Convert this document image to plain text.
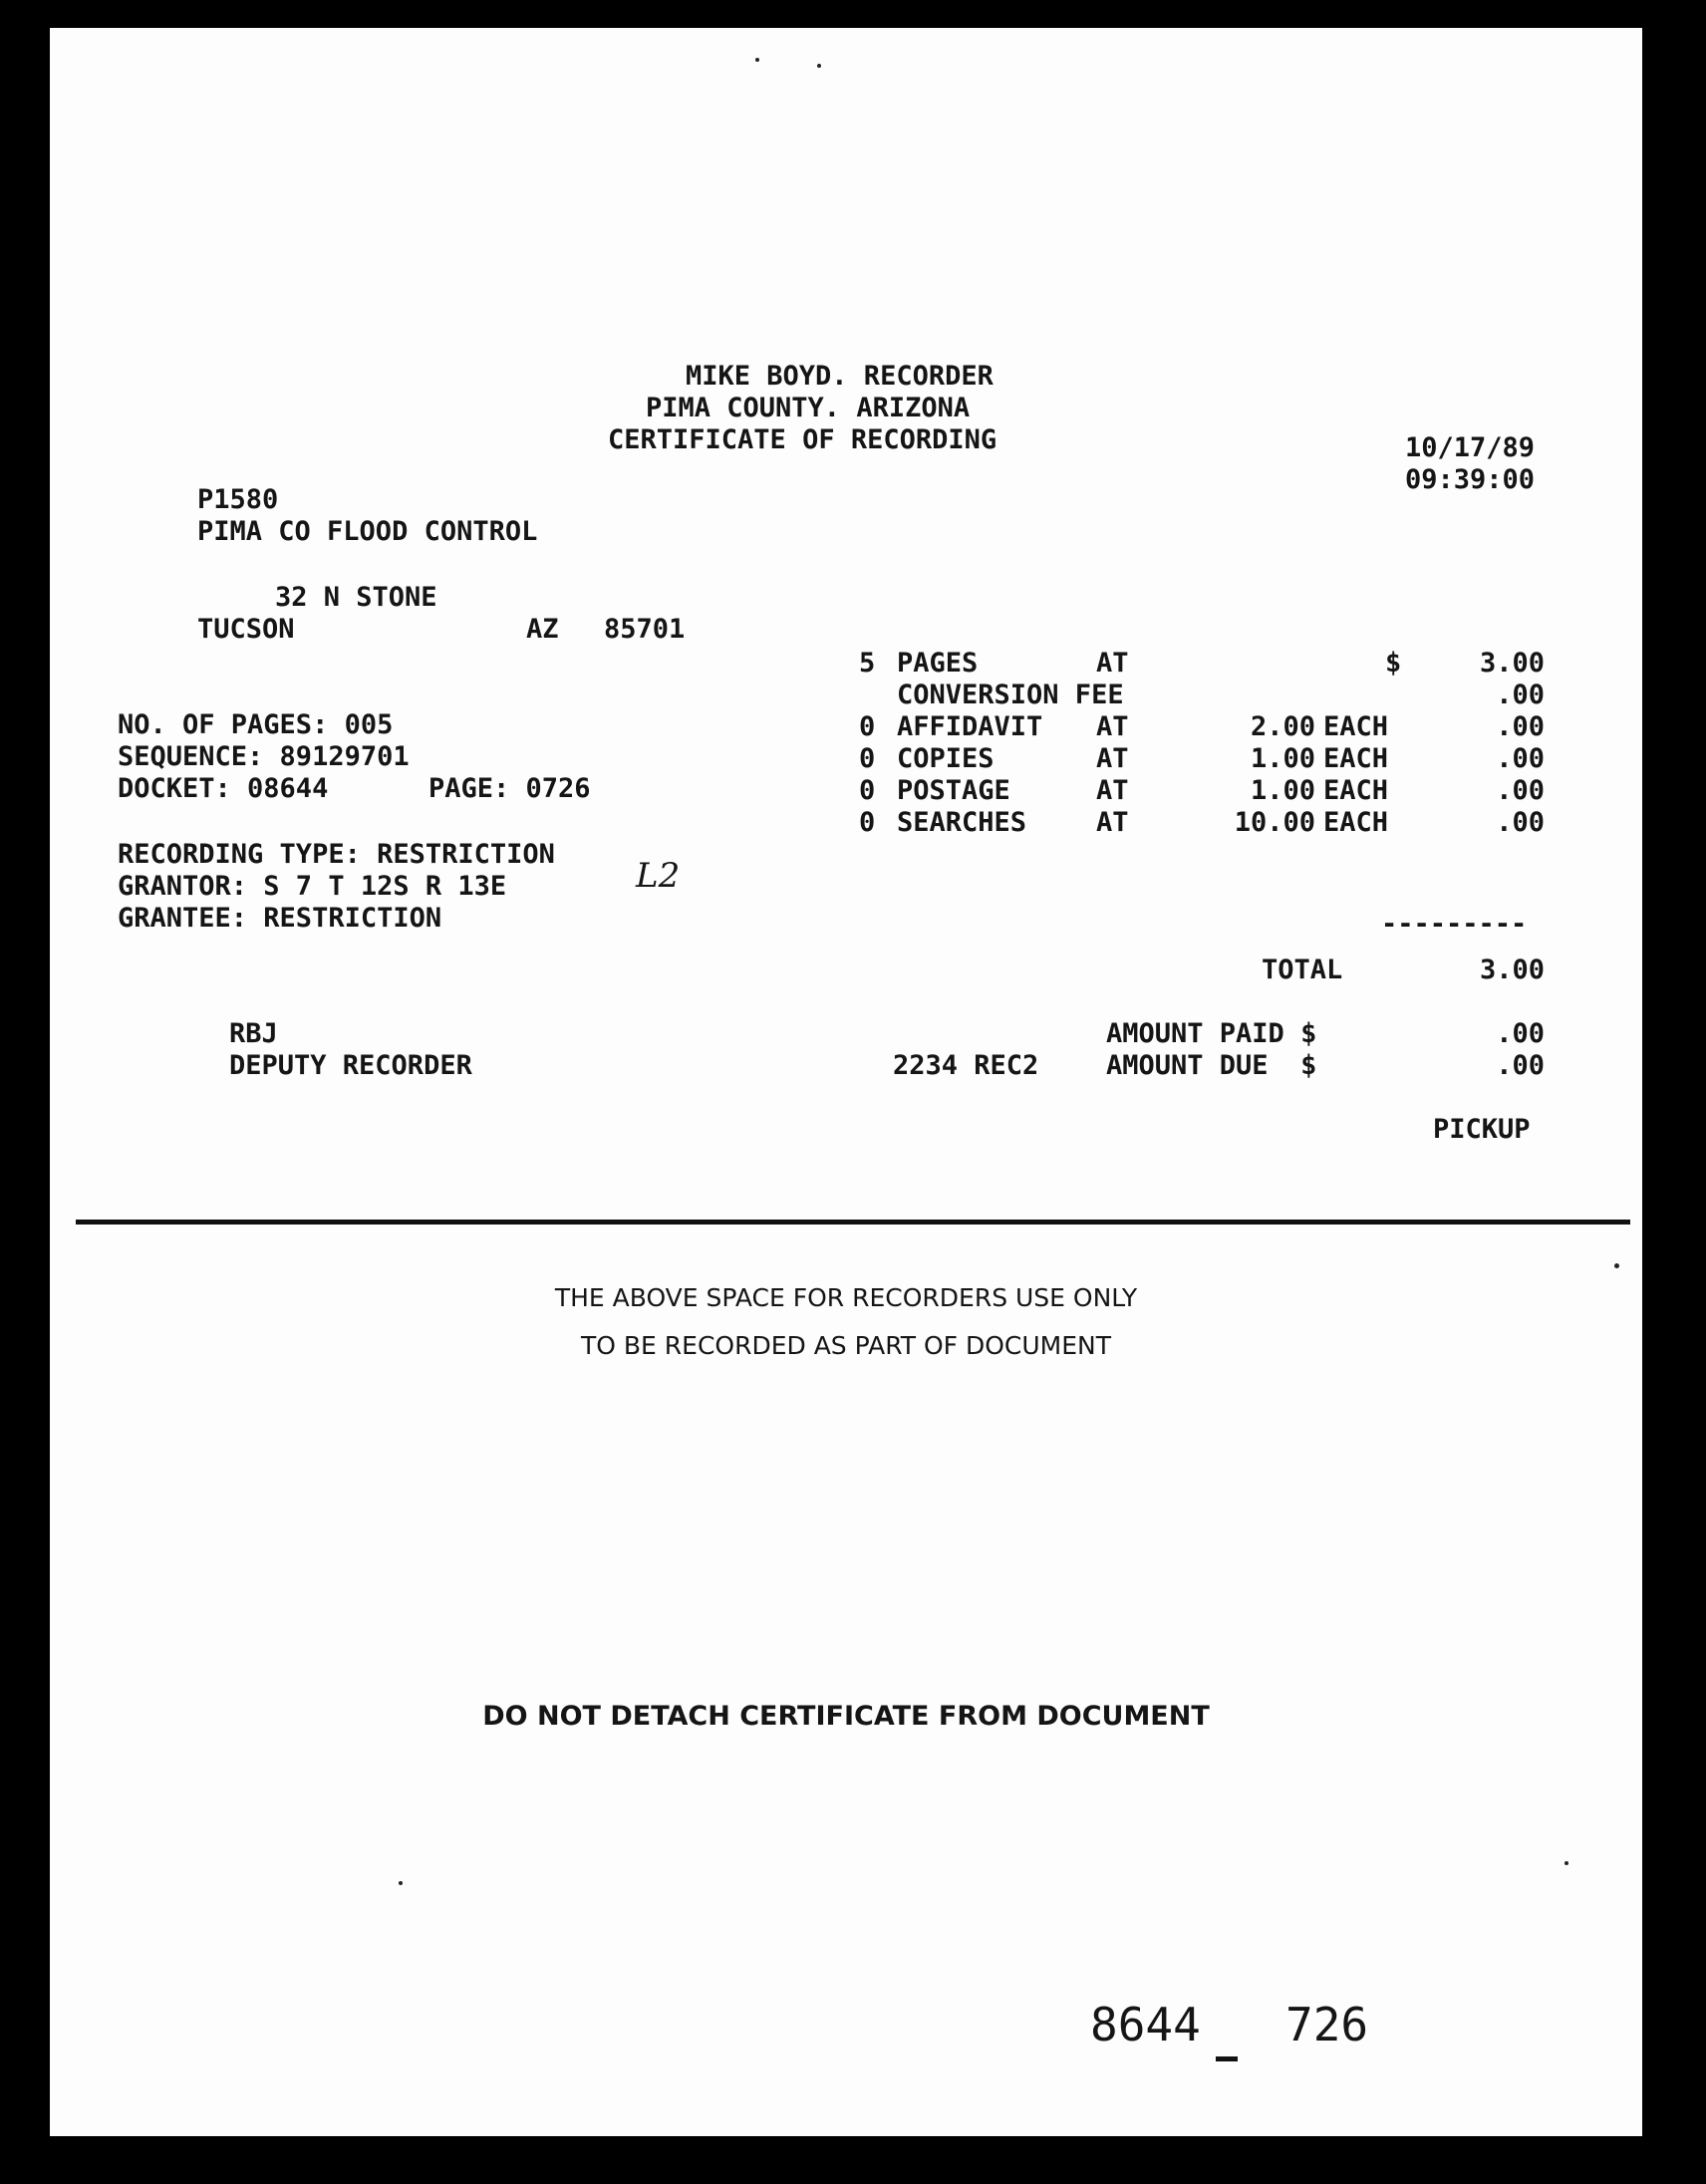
MIKE BOYD. RECORDER
PIMA COUNTY. ARIZONA
CERTIFICATE OF RECORDING	10/17/89
09:39:00
P1580
PIMA CO FLOOD CONTROL
32 N STONE
TUCSON	AZ 85701
NO. OF PAGES: 005
SEQUENCE: 89129701
DOCKET: 08644	PAGE: 0726
RECORDING TYPE: RESTRICTION
GRANTOR: S 7 T 12S R 13E	L2
GRANTEE: RESTRICTION
5 PAGES	AT	$	3.00
CONVERSION FEE	.00
0 AFFIDAVIT AT	2.00 EACH	.00
0 COPIES	AT	1.00 EACH	.00
0 POSTAGE	AT	1.00 EACH	.00
0 SEARCHES	AT	10.00 EACH	.00
---------
TOTAL	3.00
AMOUNT PAID $	.00
2234 REC2	AMOUNT DUE  $	.00
PICKUP
RBJ
DEPUTY RECORDER
THE ABOVE SPACE FOR RECORDERS USE ONLY
TO BE RECORDED AS PART OF DOCUMENT
DO NOT DETACH CERTIFICATE FROM DOCUMENT
8644 726
